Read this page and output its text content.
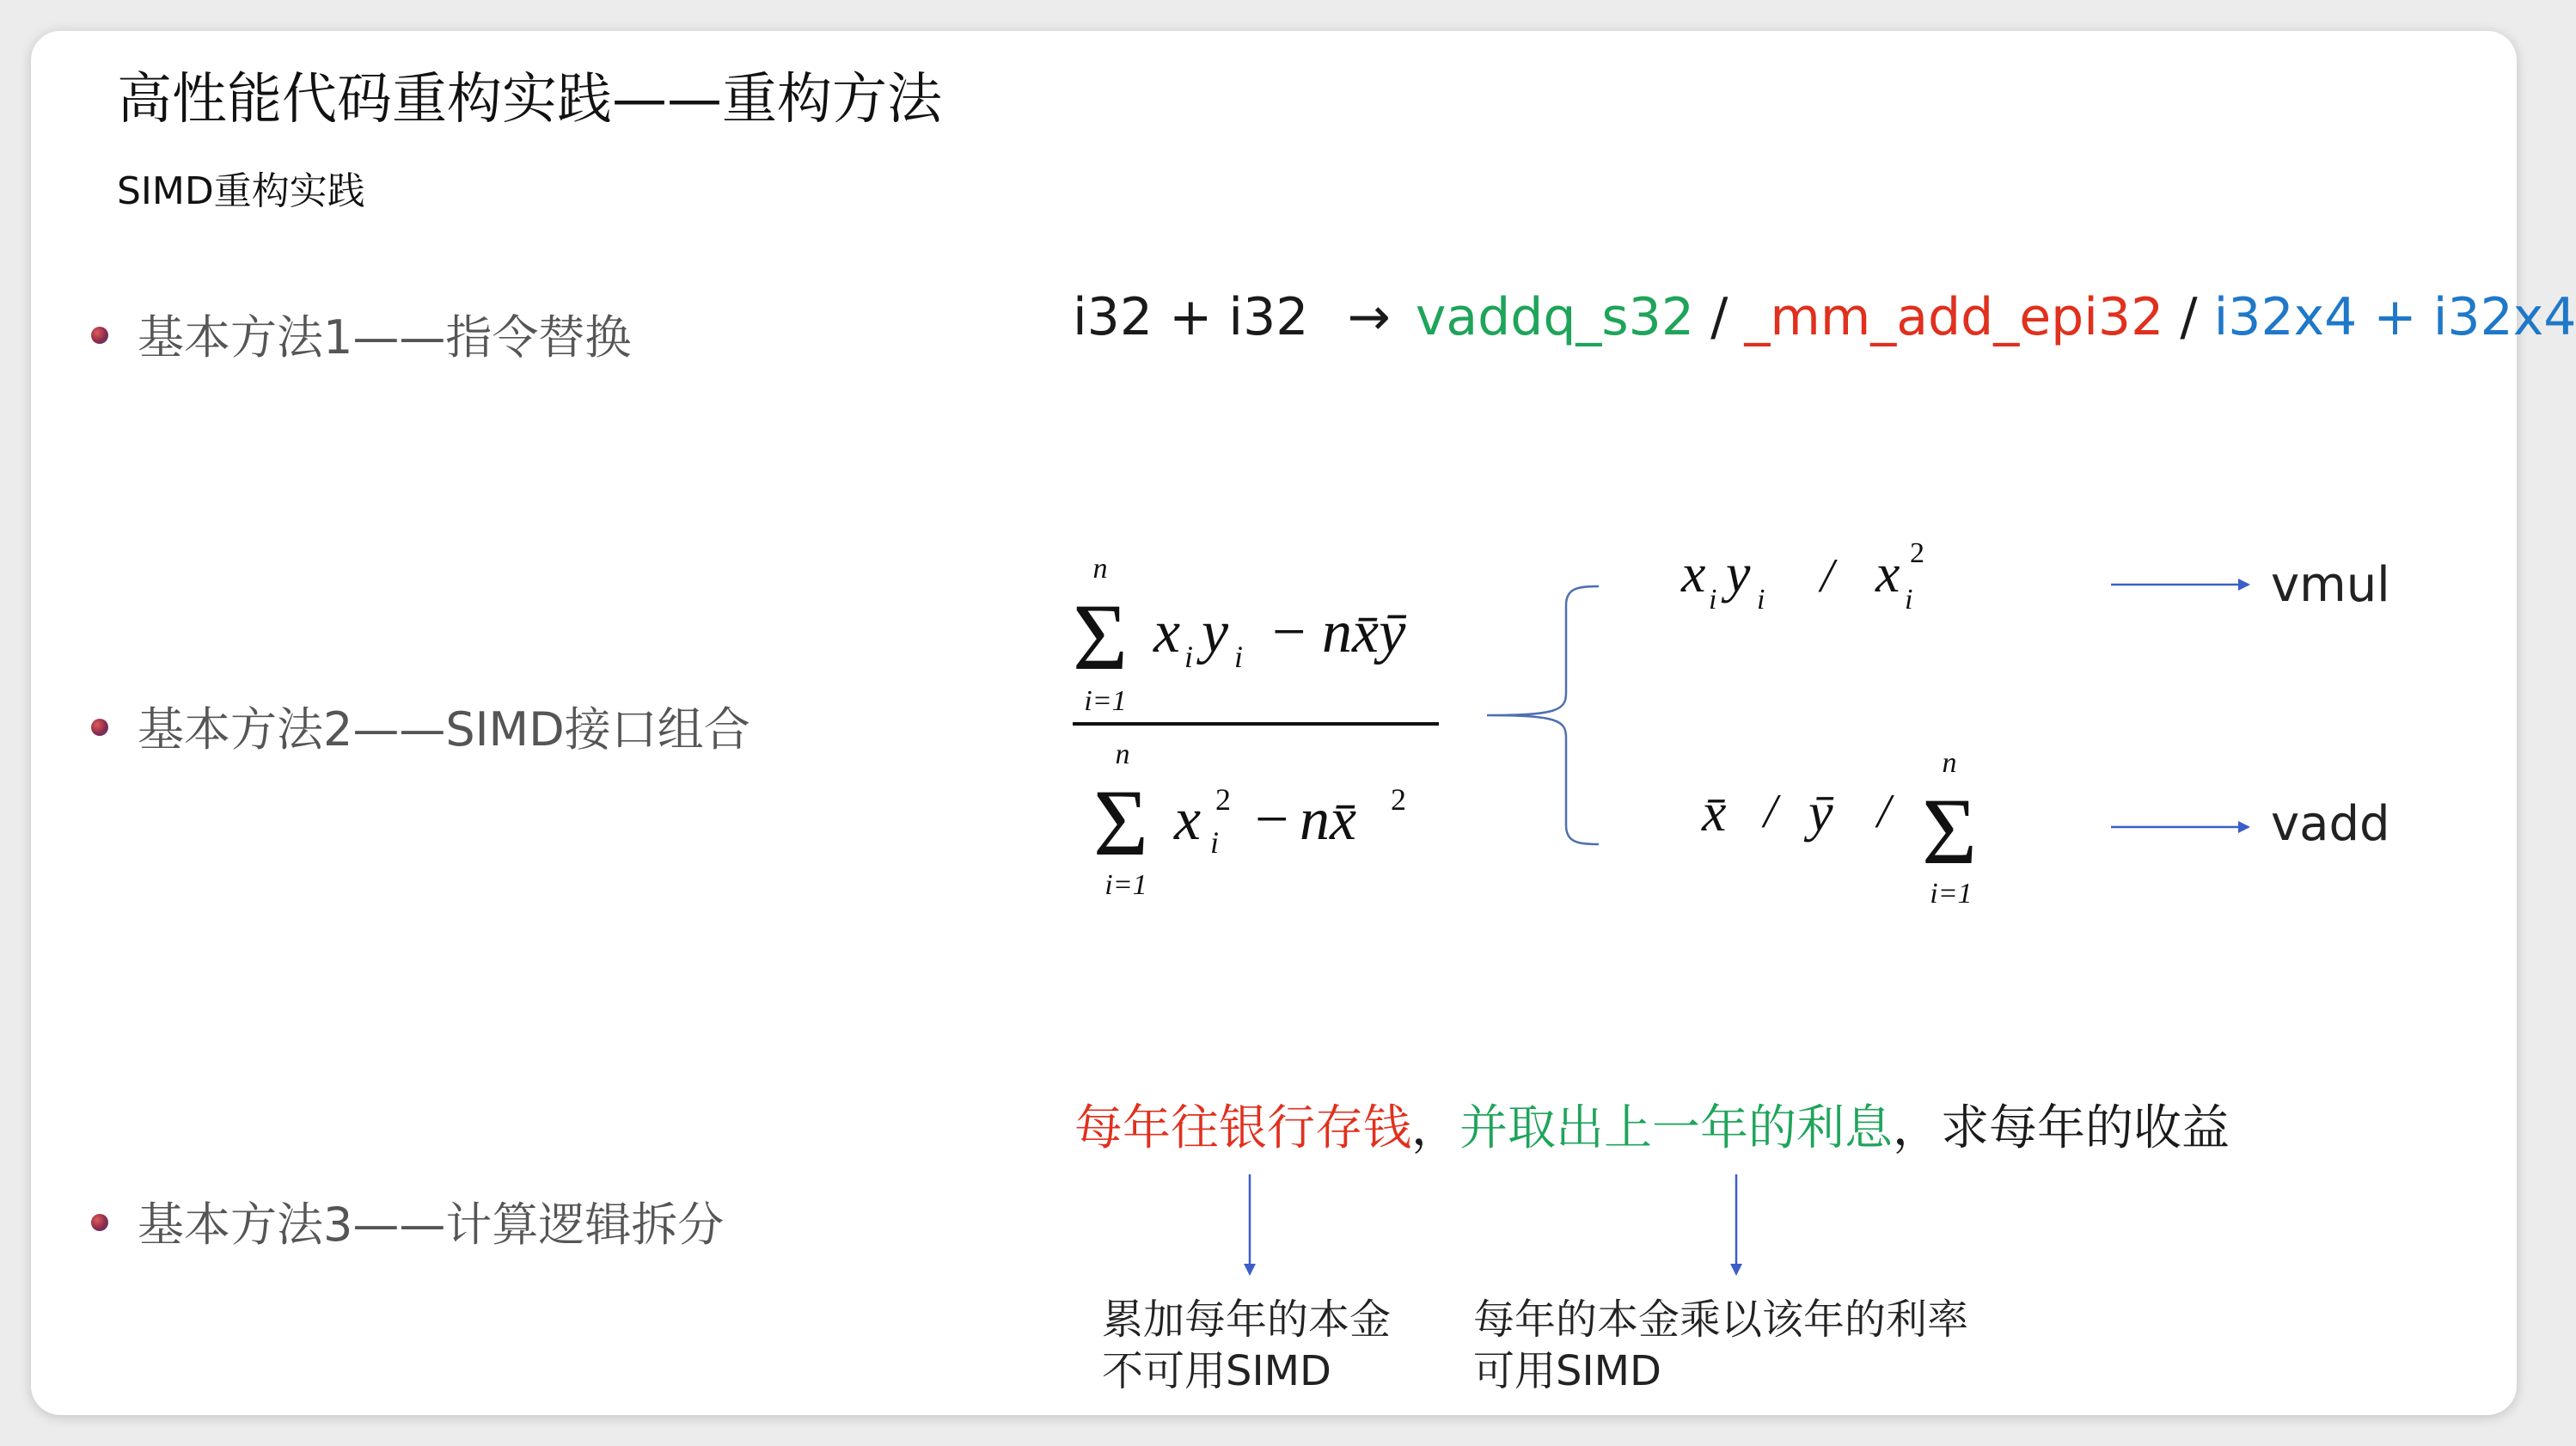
高性能代码重构实践——重构方法
SIMD重构实践
基本方法1——指令替换
基本方法2——SIMD接口组合
基本方法3——计算逻辑拆分
i32 + i32 → vaddq_s32 / _mm_add_epi32 / i32x4 + i32x4
n
Σ
i=1
x i y i − nx̄ȳ
n
Σ
i=1
x 2
i − nx̄ 2
x i y i / x 2
i
x̄ / ȳ /
n
Σ
i=1
vmul
vadd
每年往银行存钱，并取出上一年的利息，求每年的收益
累加每年的本金
不可用SIMD
每年的本金乘以该年的利率
可用SIMD
